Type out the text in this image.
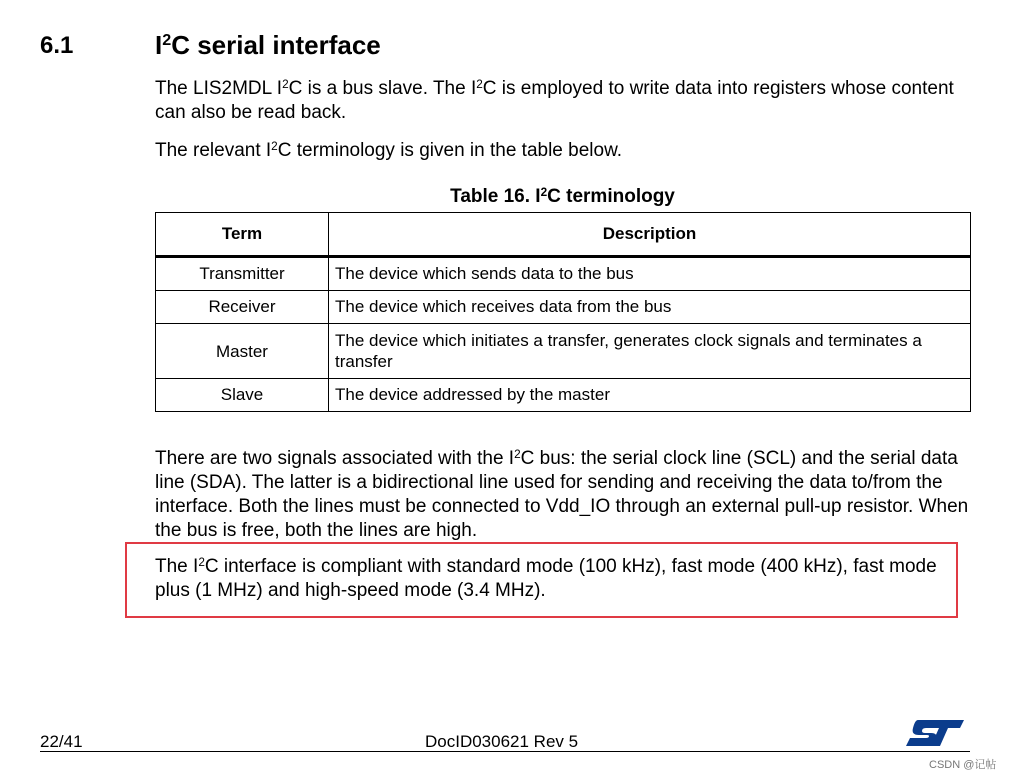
6.1	$I^2C$ serial interface
The LIS2MDL $I^2C$ is a bus slave. The $I^2C$ is employed to write data into registers whose content can also be read back.
The relevant $I^2C$ terminology is given in the table below.
Table 16. $I^2C$ terminology
Term	Description
Transmitter	The device which sends data to the bus
Receiver	The device which receives data from the bus
Master	The device which initiates a transfer, generates clock signals and terminates a transfer
Slave	The device addressed by the master
There are two signals associated with the $I^2C$ bus: the serial clock line (SCL) and the serial data line (SDA). The latter is a bidirectional line used for sending and receiving the data to/from the interface. Both the lines must be connected to Vdd_IO through an external pull-up resistor. When the bus is free, both the lines are high.
The $I^2C$ interface is compliant with standard mode (100 kHz), fast mode (400 kHz), fast mode plus (1 MHz) and high-speed mode (3.4 MHz).
22/41	DocID030621 Rev 5
CSDN @记帖
